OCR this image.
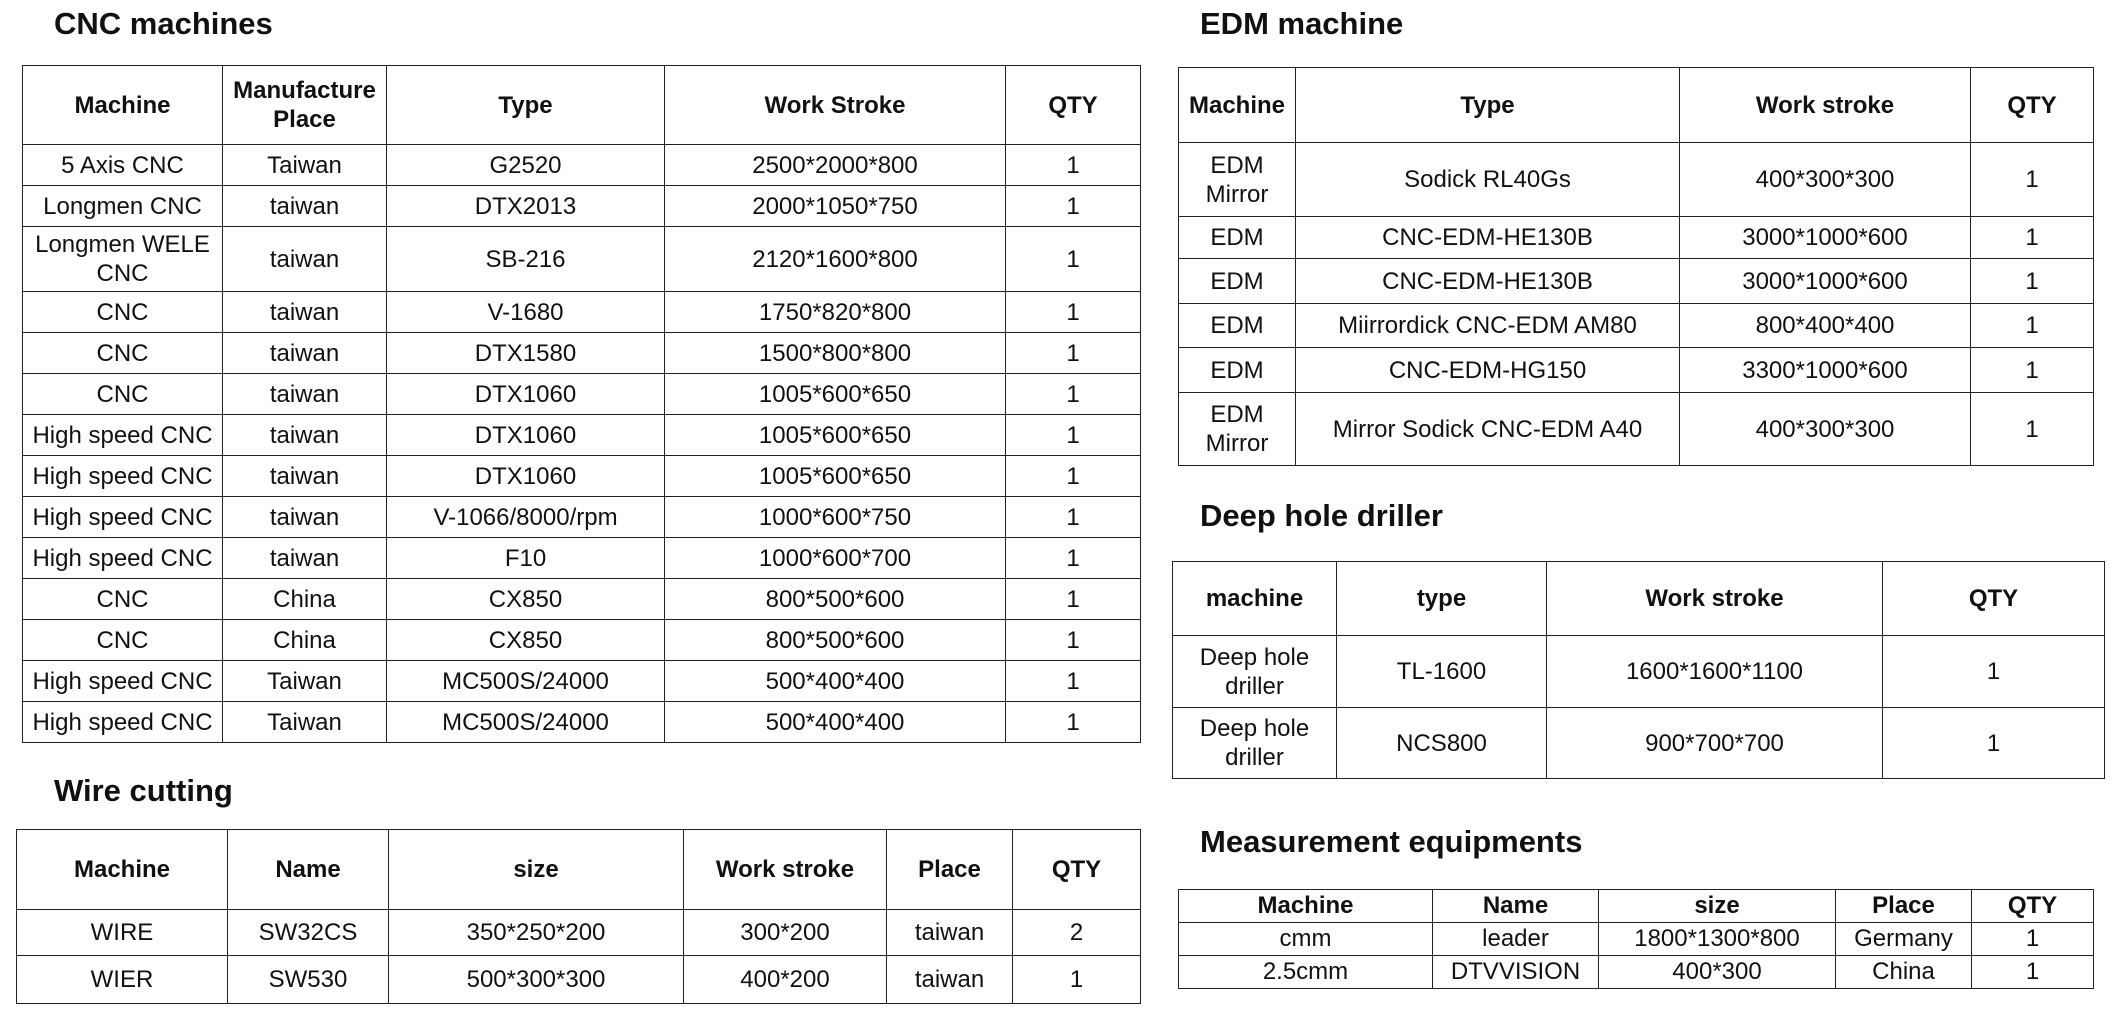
CNC machines
Machine	Manufacture Place	Type	Work Stroke	QTY
5 Axis CNC	Taiwan	G2520	2500*2000*800	1
Longmen CNC	taiwan	DTX2013	2000*1050*750	1
Longmen WELE CNC	taiwan	SB-216	2120*1600*800	1
CNC	taiwan	V-1680	1750*820*800	1
CNC	taiwan	DTX1580	1500*800*800	1
CNC	taiwan	DTX1060	1005*600*650	1
High speed CNC	taiwan	DTX1060	1005*600*650	1
High speed CNC	taiwan	DTX1060	1005*600*650	1
High speed CNC	taiwan	V-1066/8000/rpm	1000*600*750	1
High speed CNC	taiwan	F10	1000*600*700	1
CNC	China	CX850	800*500*600	1
CNC	China	CX850	800*500*600	1
High speed CNC	Taiwan	MC500S/24000	500*400*400	1
High speed CNC	Taiwan	MC500S/24000	500*400*400	1
Wire cutting
Machine	Name	size	Work stroke	Place	QTY
WIRE	SW32CS	350*250*200	300*200	taiwan	2
WIER	SW530	500*300*300	400*200	taiwan	1
EDM machine
Machine	Type	Work stroke	QTY
EDM Mirror	Sodick RL40Gs	400*300*300	1
EDM	CNC-EDM-HE130B	3000*1000*600	1
EDM	CNC-EDM-HE130B	3000*1000*600	1
EDM	Miirrordick CNC-EDM AM80	800*400*400	1
EDM	CNC-EDM-HG150	3300*1000*600	1
EDM Mirror	Mirror Sodick CNC-EDM A40	400*300*300	1
Deep hole driller
machine	type	Work stroke	QTY
Deep hole driller	TL-1600	1600*1600*1100	1
Deep hole driller	NCS800	900*700*700	1
Measurement equipments
Machine	Name	size	Place	QTY
cmm	leader	1800*1300*800	Germany	1
2.5cmm	DTVVISION	400*300	China	1
